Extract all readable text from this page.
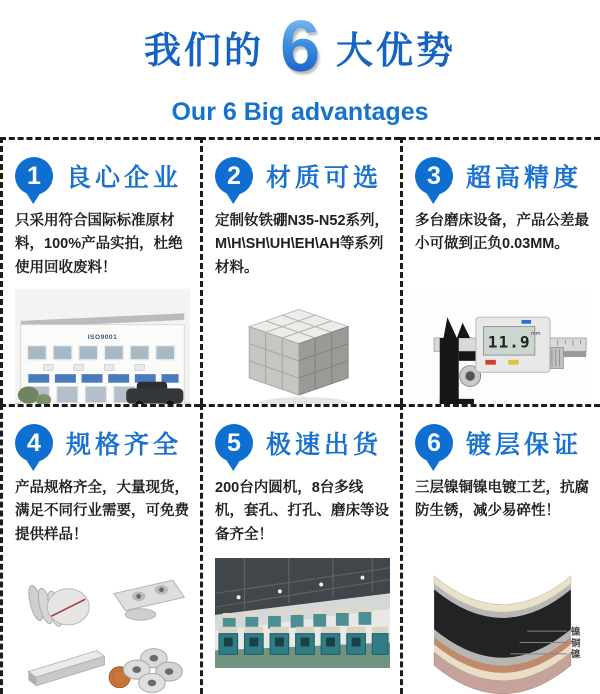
我们的 6 大优势
Our 6 Big advantages
1 良心企业

只采用符合国际标准原材料，100%产品实拍，杜绝使用回收废料！

ISO9001
2 材质可选

定制钕铁硼N35-N52系列，M\H\SH\UH\EH\AH等系列材料。

3 超高精度

多台磨床设备，产品公差最小可做到正负0.03MM。

11.9 mm
4 规格齐全

产品规格齐全，大量现货，满足不同行业需要，可免费提供样品！

5 极速出货

200台内圆机，8台多线机，套孔、打孔、磨床等设备齐全！

6 镀层保证

三层镍铜镍电镀工艺，抗腐防生锈，减少易碎性！

镍
铜
镍
